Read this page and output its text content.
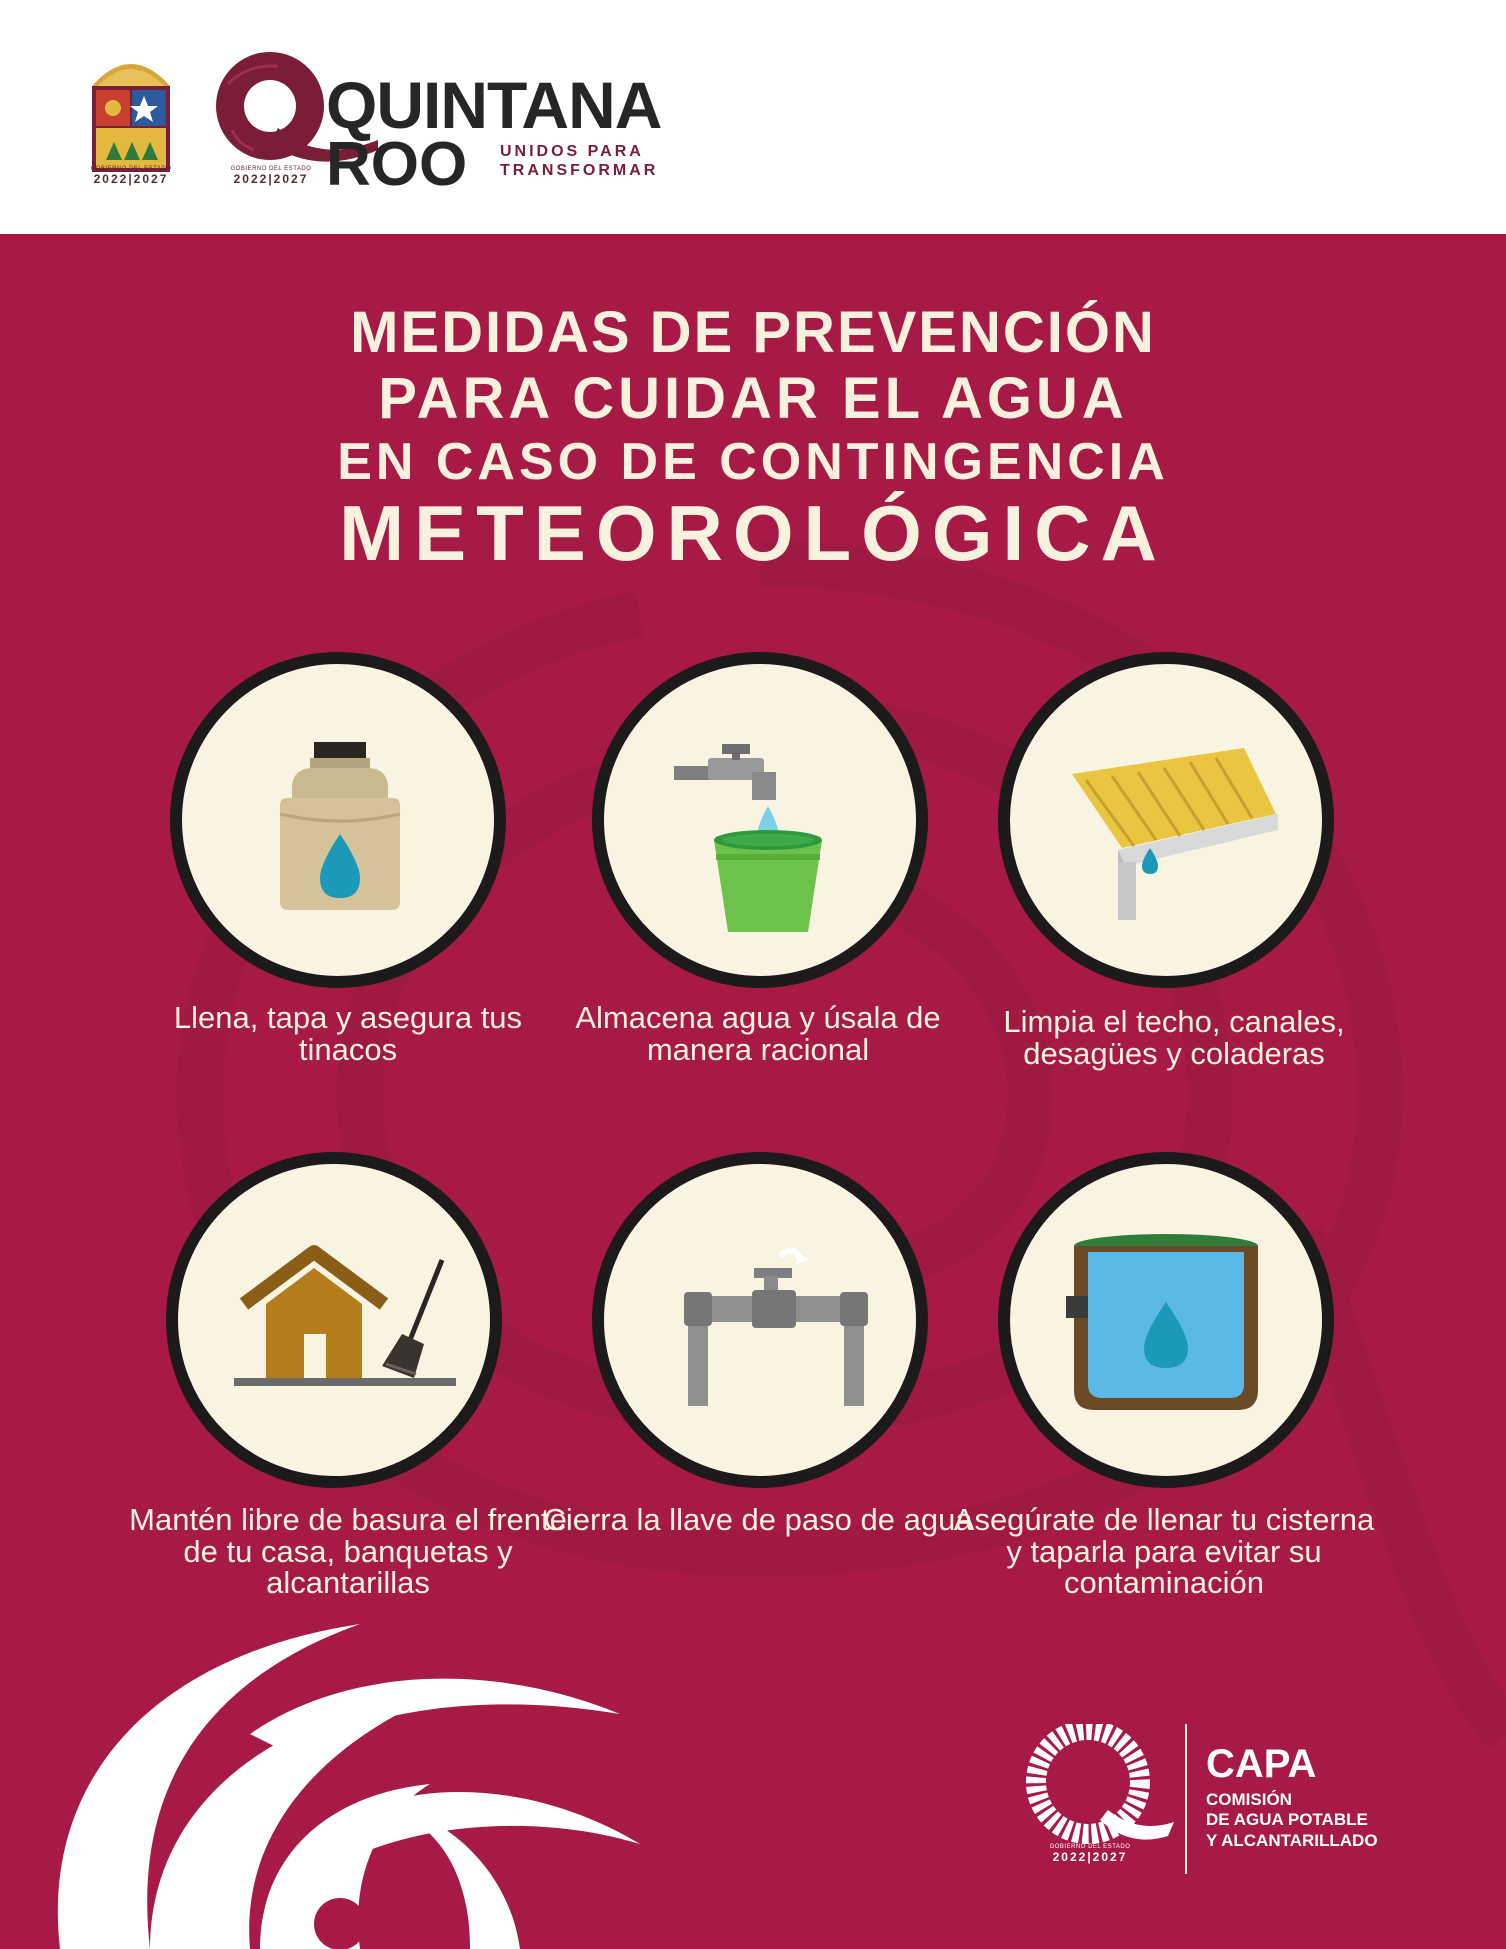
GOBIERNO DEL ESTADO
2022|2027
QUINTANA
ROO UNIDOS PARA
TRANSFORMAR
GOBIERNO DEL ESTADO
2022|2027
MEDIDAS DE PREVENCIÓN
PARA CUIDAR EL AGUA
EN CASO DE CONTINGENCIA
METEOROLÓGICA
Llena, tapa y asegura tus tinacos
Almacena agua y úsala de manera racional
Limpia el techo, canales, desagües y coladeras
Mantén libre de basura el frente de tu casa, banquetas y alcantarillas
Cierra la llave de paso de agua
Asegúrate de llenar tu cisterna y taparla para evitar su contaminación
GOBIERNO DEL ESTADO
2022|2027
CAPA
COMISIÓN
DE AGUA POTABLE
Y ALCANTARILLADO
